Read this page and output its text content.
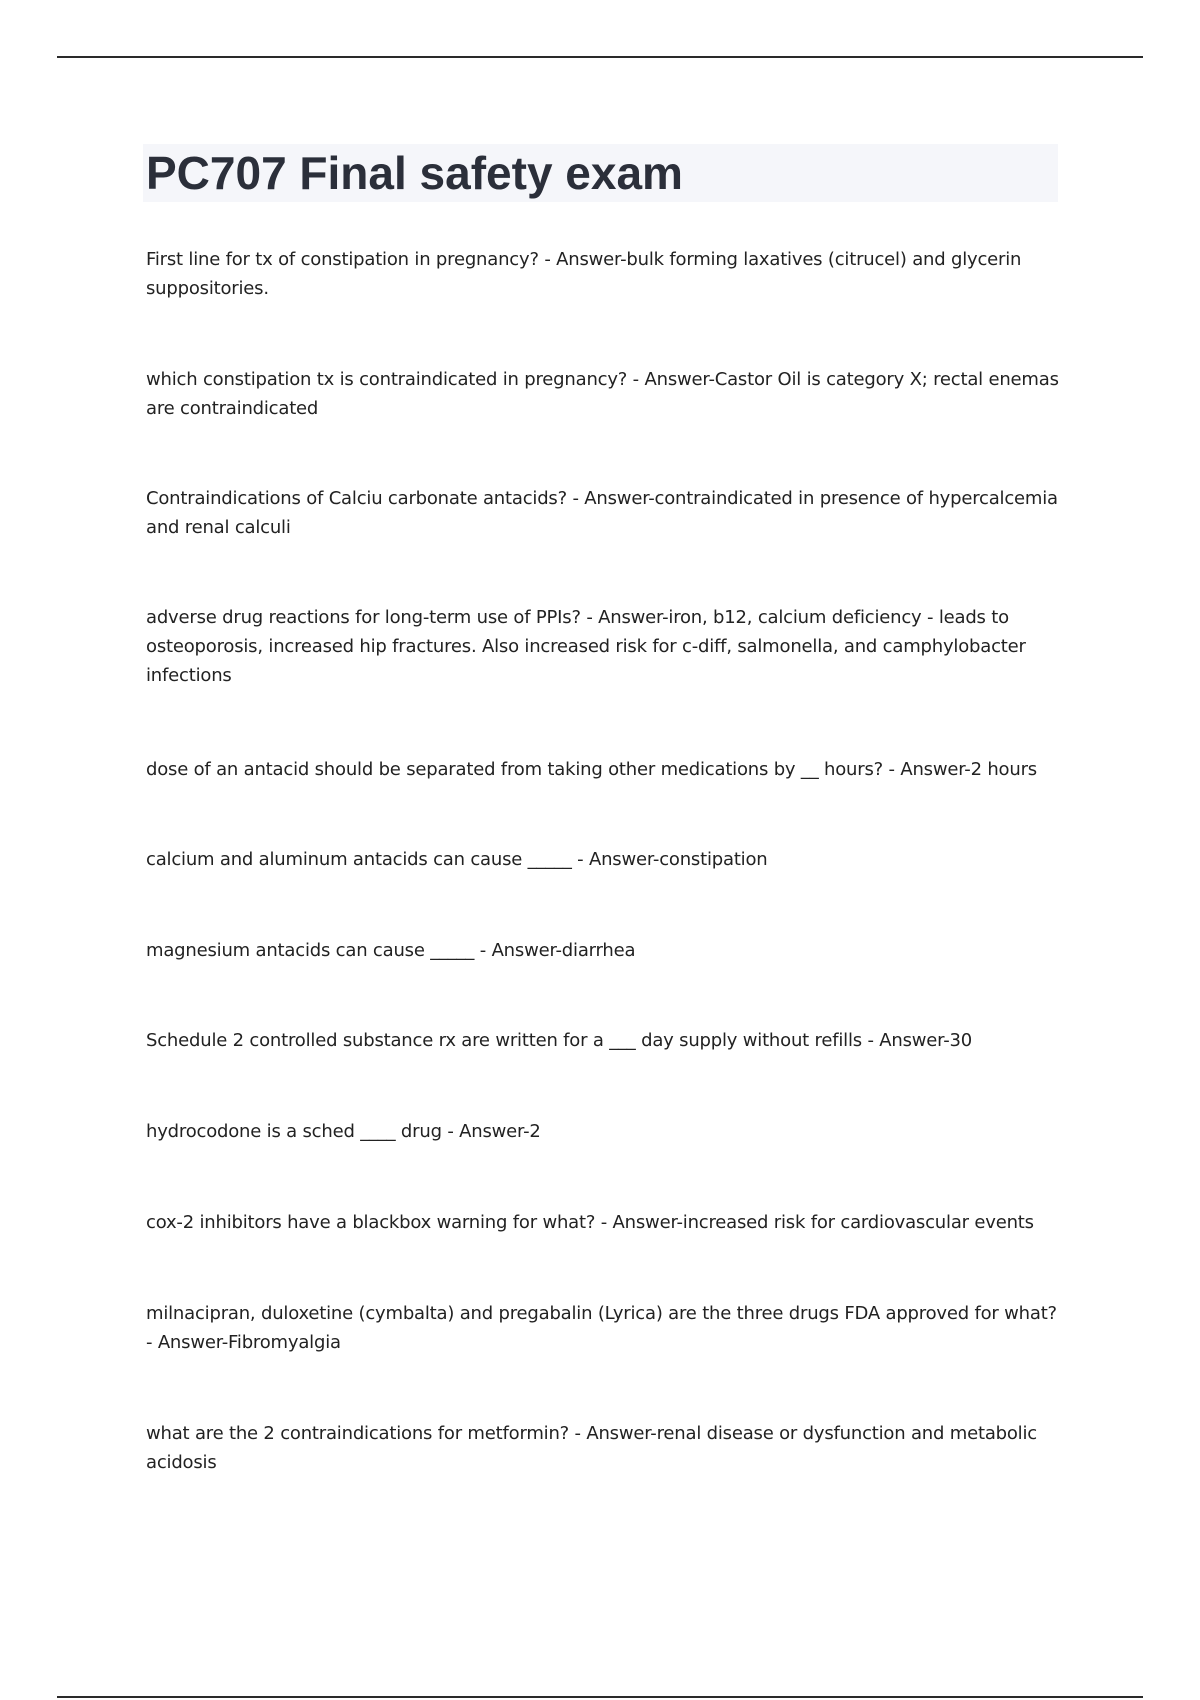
PC707 Final safety exam

First line for tx of constipation in pregnancy? - Answer-bulk forming laxatives (citrucel) and glycerin suppositories.

which constipation tx is contraindicated in pregnancy? - Answer-Castor Oil is category X; rectal enemas are contraindicated

Contraindications of Calciu carbonate antacids? - Answer-contraindicated in presence of hypercalcemia and renal calculi

adverse drug reactions for long-term use of PPIs? - Answer-iron, b12, calcium deficiency - leads to osteoporosis, increased hip fractures. Also increased risk for c-diff, salmonella, and camphylobacter infections

dose of an antacid should be separated from taking other medications by __ hours? - Answer-2 hours

calcium and aluminum antacids can cause _____ - Answer-constipation

magnesium antacids can cause _____ - Answer-diarrhea

Schedule 2 controlled substance rx are written for a ___ day supply without refills - Answer-30

hydrocodone is a sched ____ drug - Answer-2

cox-2 inhibitors have a blackbox warning for what? - Answer-increased risk for cardiovascular events

milnacipran, duloxetine (cymbalta) and pregabalin (Lyrica) are the three drugs FDA approved for what? - Answer-Fibromyalgia

what are the 2 contraindications for metformin? - Answer-renal disease or dysfunction and metabolic acidosis
